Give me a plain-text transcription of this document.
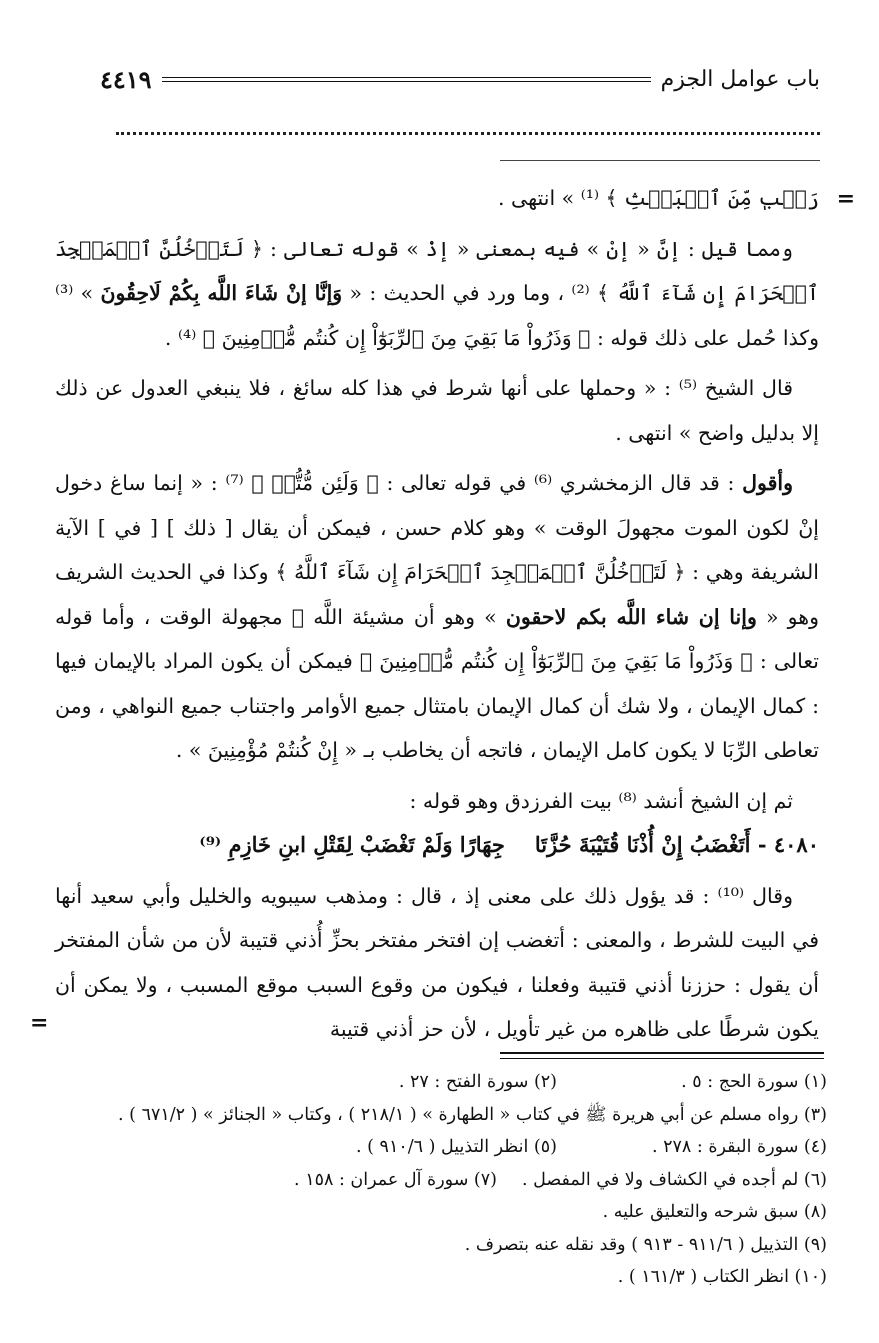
باب عوامل الجزم
٤٤١٩
=

رَيۡبٖ مِّنَ ٱلۡبَعۡثِ ﴾ ⁽¹⁾ » انتهى .

ومما قيل : إنَّ « إنْ » فيه بمعنى « إذْ » قوله تعالى : ﴿ لَتَدۡخُلُنَّ ٱلۡمَسۡجِدَ ٱلۡحَرَامَ إِن شَآءَ ٱللَّهُ ﴾ ⁽²⁾ ، وما ورد في الحديث : « وَإنَّا إنْ شَاءَ اللَّه بِكُمْ لَاحِقُونَ » ⁽³⁾ وكذا حُمل على ذلك قوله : ﴿ وَذَرُواْ مَا بَقِيَ مِنَ ٱلرِّبَوٰٓاْ إِن كُنتُم مُّؤۡمِنِينَ ﴾ ⁽⁴⁾ .

قال الشيخ ⁽⁵⁾ : « وحملها على أنها شرط في هذا كله سائغ ، فلا ينبغي العدول عن ذلك إلا بدليل واضح » انتهى .

وأقول : قد قال الزمخشري ⁽⁶⁾ في قوله تعالى : ﴿ وَلَئِن مُّتُّمۡ ﴾ ⁽⁷⁾ : « إنما ساغ دخول إنْ لكون الموت مجهولَ الوقت » وهو كلام حسن ، فيمكن أن يقال [ ذلك ] [ في ] الآية الشريفة وهي : ﴿ لَتَدۡخُلُنَّ ٱلۡمَسۡجِدَ ٱلۡحَرَامَ إِن شَآءَ ٱللَّهُ ﴾ وكذا في الحديث الشريف وهو « وإنا إن شاء اللَّه بكم لاحقون » وهو أن مشيئة اللَّه ﷻ مجهولة الوقت ، وأما قوله تعالى : ﴿ وَذَرُواْ مَا بَقِيَ مِنَ ٱلرِّبَوٰٓاْ إِن كُنتُم مُّؤۡمِنِينَ ﴾ فيمكن أن يكون المراد بالإيمان فيها : كمال الإيمان ، ولا شك أن كمال الإيمان بامتثال جميع الأوامر واجتناب جميع النواهي ، ومن تعاطى الرِّبَا لا يكون كامل الإيمان ، فاتجه أن يخاطب بـ « إِنْ كُنتُمْ مُؤْمِنِينَ » .

ثم إن الشيخ أنشد ⁽⁸⁾ بيت الفرزدق وهو قوله :

٤٠٨٠ - أَتَغْضَبُ إِنْ أُذْنَا قُتَيْبَةَ حُزَّتَاجِهَارًا وَلَمْ تَغْضَبْ لِقَتْلِ ابنِ خَازِمِ ⁽⁹⁾

وقال ⁽¹⁰⁾ : قد يؤول ذلك على معنى إذ ، قال : ومذهب سيبويه والخليل وأبي سعيد أنها في البيت للشرط ، والمعنى : أتغضب إن افتخر مفتخر بحزِّ أُذني قتيبة لأن من شأن المفتخر أن يقول : حززنا أذني قتيبة وفعلنا ، فيكون من وقوع السبب موقع المسبب ، ولا يمكن أن يكون شرطًا على ظاهره من غير تأويل ، لأن حز أذني قتيبة

=
(١) سورة الحج : ٥ .
(٢) سورة الفتح : ٢٧ .
(٣) رواه مسلم عن أبي هريرة ﷺ في كتاب « الطهارة » ( ٢١٨/١ ) ، وكتاب « الجنائز » ( ٦٧١/٢ ) .
(٤) سورة البقرة : ٢٧٨ .
(٥) انظر التذييل ( ٩١٠/٦ ) .
(٦) لم أجده في الكشاف ولا في المفصل .
(٧) سورة آل عمران : ١٥٨ .
(٨) سبق شرحه والتعليق عليه .
(٩) التذييل ( ٩١١/٦ - ٩١٣ ) وقد نقله عنه بتصرف .
(١٠) انظر الكتاب ( ١٦١/٣ ) .
